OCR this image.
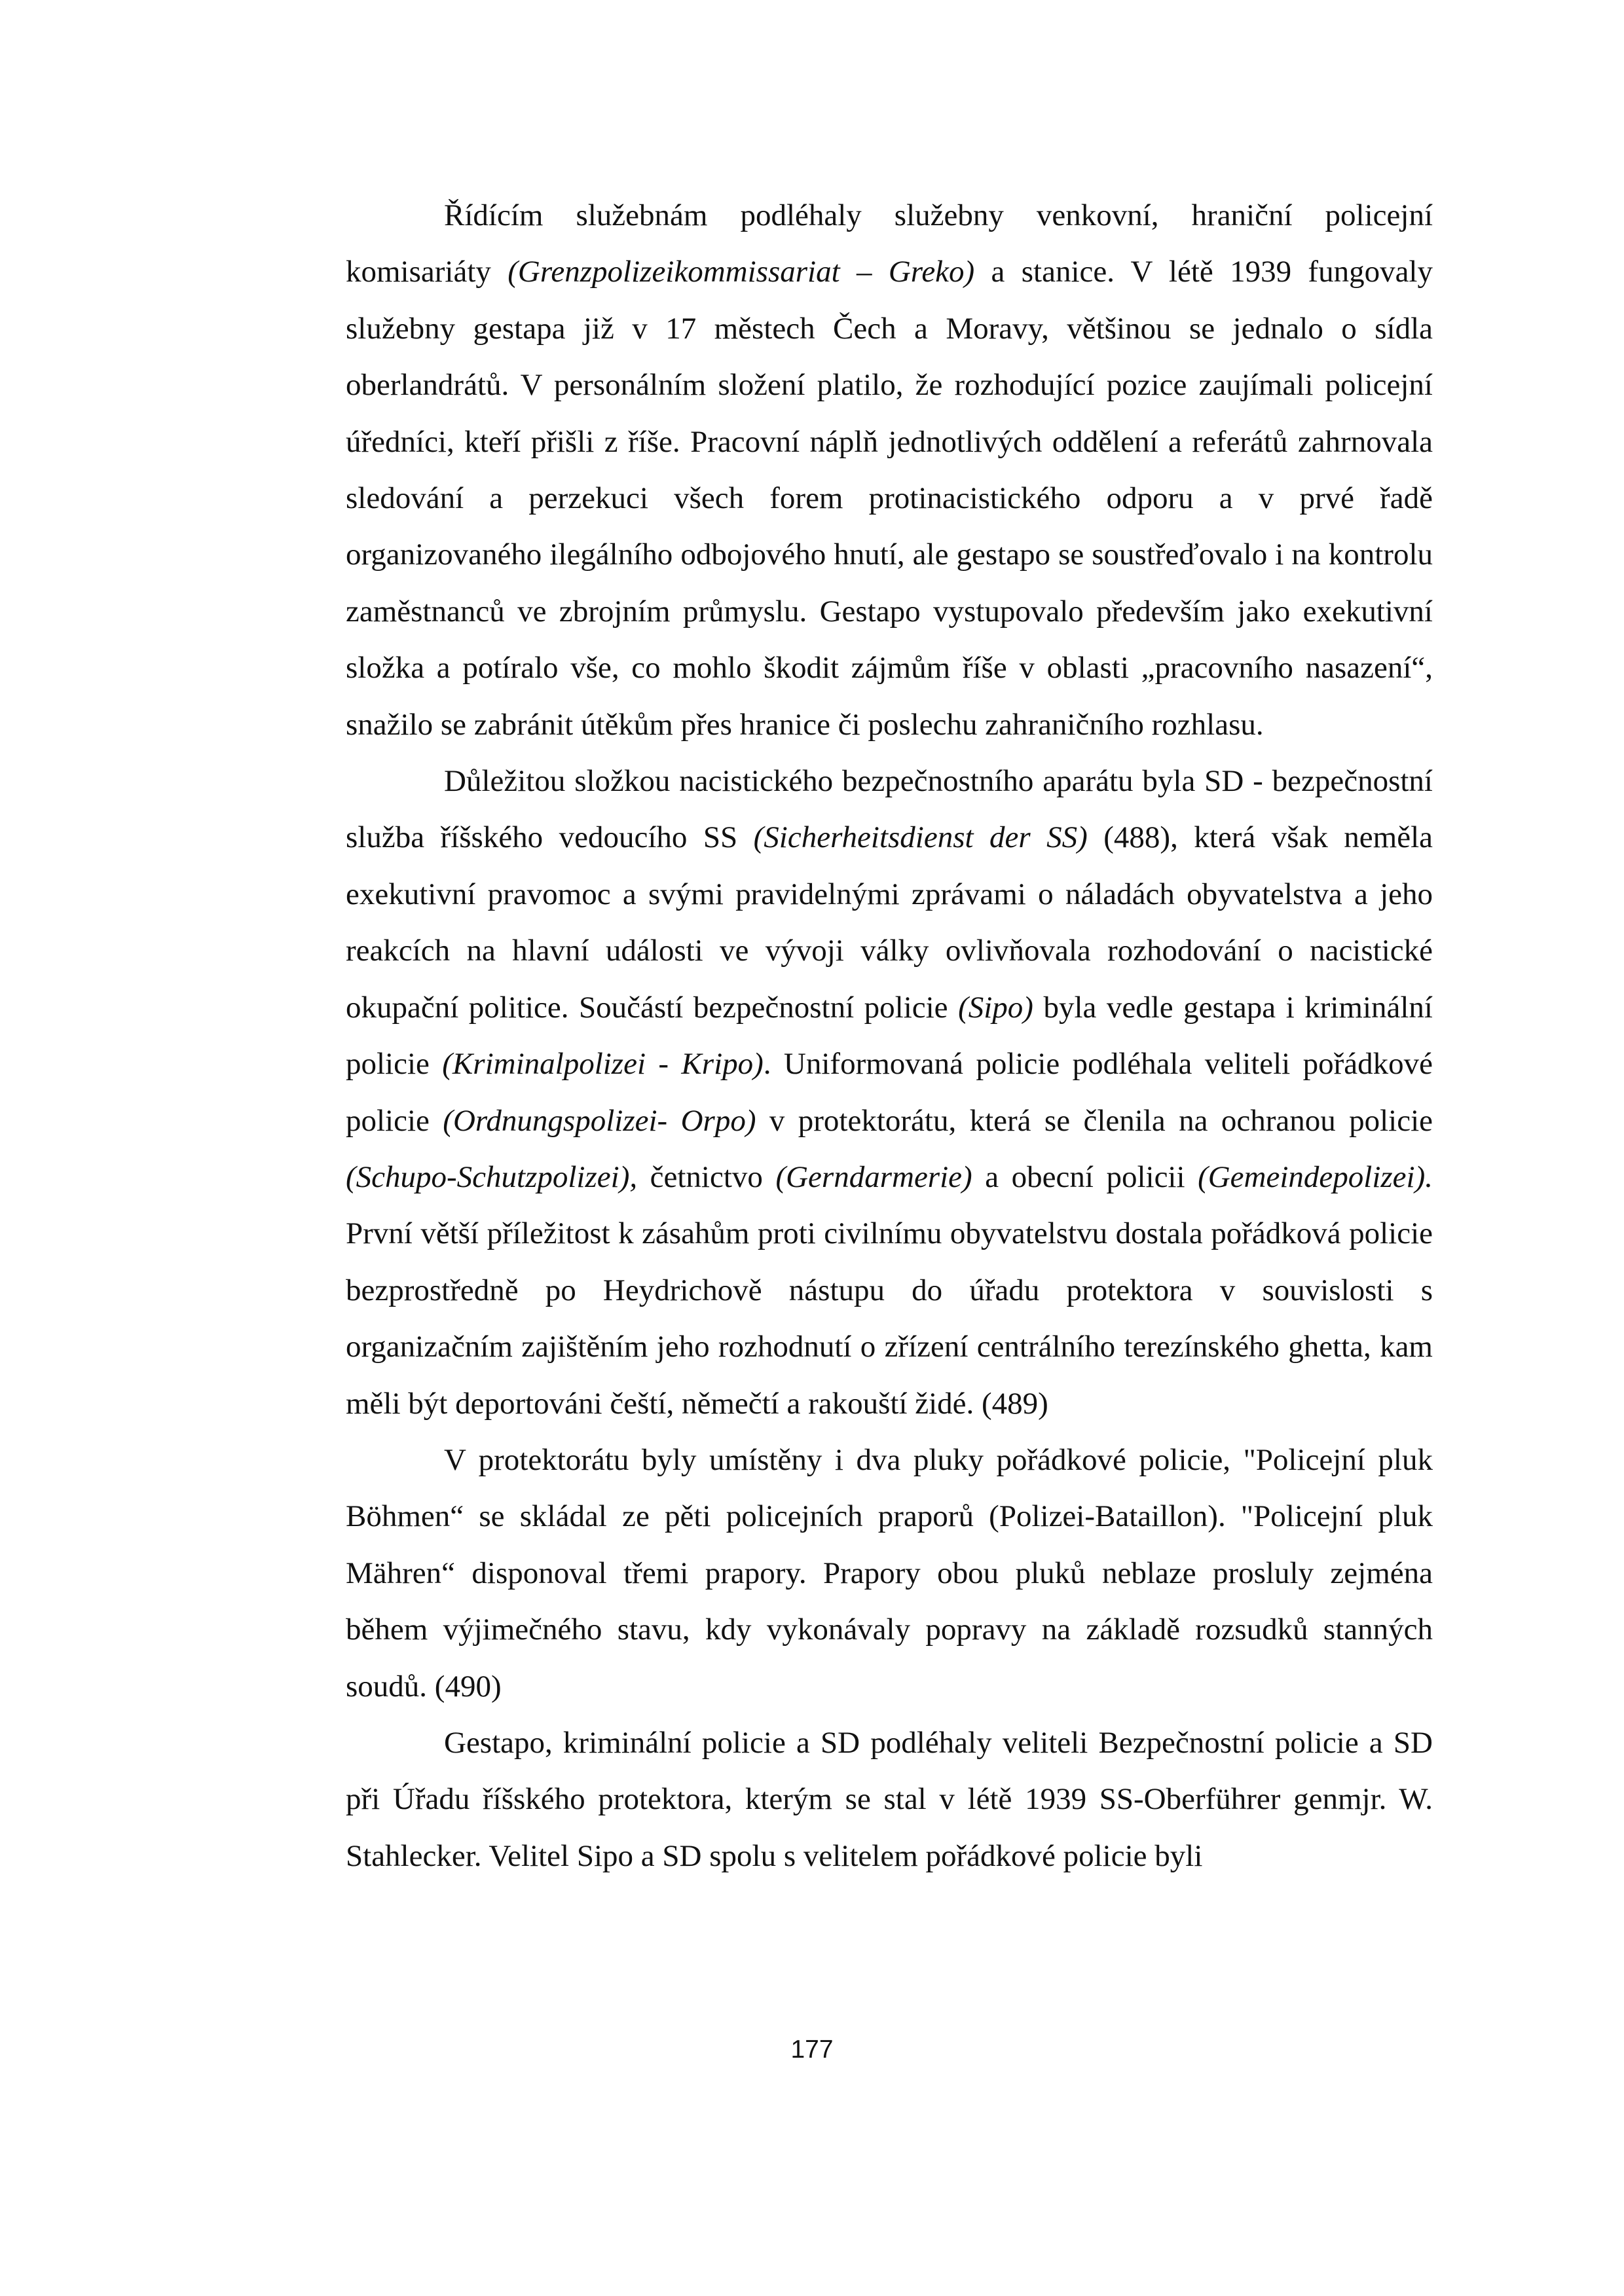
Řídícím služebnám podléhaly služebny venkovní, hraniční policejní komisariáty (Grenzpolizeikommissariat – Greko) a stanice. V létě 1939 fungovaly služebny gestapa již v 17 městech Čech a Moravy, většinou se jednalo o sídla oberlandrátů. V personálním složení platilo, že rozhodující pozice zaujímali policejní úředníci, kteří přišli z říše. Pracovní náplň jednotlivých oddělení a referátů zahrnovala sledování a perzekuci všech forem protinacistického odporu a v prvé řadě organizovaného ilegálního odbojového hnutí, ale gestapo se soustřeďovalo i na kontrolu zaměstnanců ve zbrojním průmyslu. Gestapo vystupovalo především jako exekutivní složka a potíralo vše, co mohlo škodit zájmům říše v oblasti „pracovního nasazení“, snažilo se zabránit útěkům přes hranice či poslechu zahraničního rozhlasu.

Důležitou složkou nacistického bezpečnostního aparátu byla SD - bezpečnostní služba říšského vedoucího SS (Sicherheitsdienst der SS) (488), která však neměla exekutivní pravomoc a svými pravidelnými zprávami o náladách obyvatelstva a jeho reakcích na hlavní události ve vývoji války ovlivňovala rozhodování o nacistické okupační politice. Součástí bezpečnostní policie (Sipo) byla vedle gestapa i kriminální policie (Kriminalpolizei - Kripo). Uniformovaná policie podléhala veliteli pořádkové policie (Ordnungspolizei- Orpo) v protektorátu, která se členila na ochranou policie (Schupo-Schutzpolizei), četnictvo (Gerndarmerie) a obecní policii (Gemeindepolizei). První větší příležitost k zásahům proti civilnímu obyvatelstvu dostala pořádková policie bezprostředně po Heydrichově nástupu do úřadu protektora v souvislosti s organizačním zajištěním jeho rozhodnutí o zřízení centrálního terezínského ghetta, kam měli být deportováni čeští, němečtí a rakouští židé. (489)

V protektorátu byly umístěny i dva pluky pořádkové policie, "Policejní pluk Böhmen“ se skládal ze pěti policejních praporů (Polizei-Bataillon). "Policejní pluk Mähren“ disponoval třemi prapory. Prapory obou pluků neblaze prosluly zejména během výjimečného stavu, kdy vykonávaly popravy na základě rozsudků stanných soudů. (490)

Gestapo, kriminální policie a SD podléhaly veliteli Bezpečnostní policie a SD při Úřadu říšského protektora, kterým se stal v létě 1939 SS-Oberführer genmjr. W. Stahlecker. Velitel Sipo a SD spolu s velitelem pořádkové policie byli

177
